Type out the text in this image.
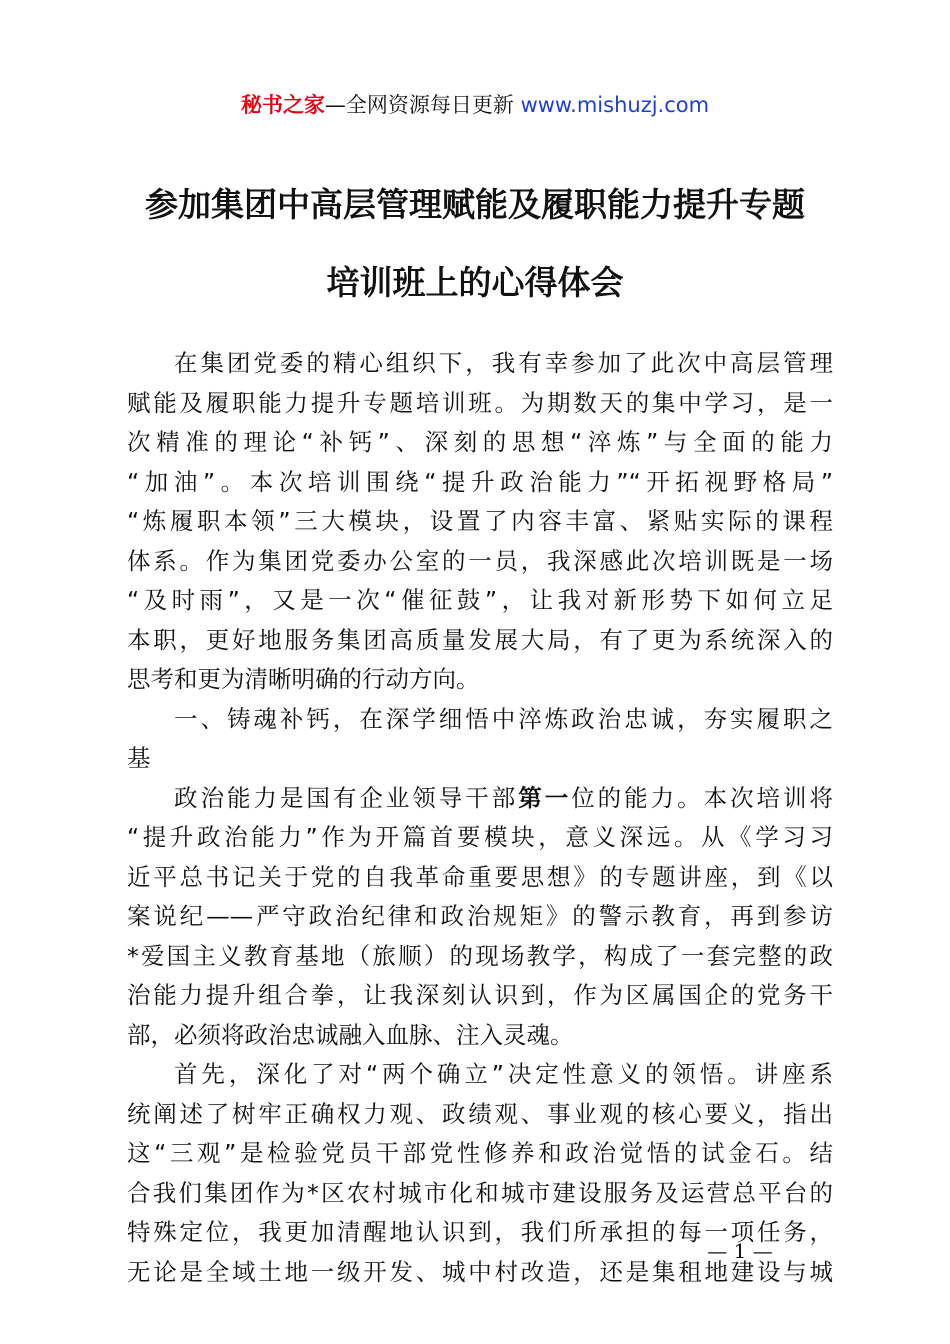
秘书之家—全网资源每日更新 www.mishuzj.com
参加集团中高层管理赋能及履职能力提升专题
培训班上的心得体会
在集团党委的精心组织下，我有幸参加了此次中高层管理
赋能及履职能力提升专题培训班。为期数天的集中学习，是一
次精准的理论“补钙”、深刻的思想“淬炼”与全面的能力
“加油”。本次培训围绕“提升政治能力”“开拓视野格局”
“炼履职本领”三大模块，设置了内容丰富、紧贴实际的课程
体系。作为集团党委办公室的一员，我深感此次培训既是一场
“及时雨”，又是一次“催征鼓”，让我对新形势下如何立足
本职，更好地服务集团高质量发展大局，有了更为系统深入的
思考和更为清晰明确的行动方向。
一、铸魂补钙，在深学细悟中淬炼政治忠诚，夯实履职之
基
政治能力是国有企业领导干部第一位的能力。本次培训将
“提升政治能力”作为开篇首要模块，意义深远。从《学习习
近平总书记关于党的自我革命重要思想》的专题讲座，到《以
案说纪——严守政治纪律和政治规矩》的警示教育，再到参访
*爱国主义教育基地（旅顺）的现场教学，构成了一套完整的政
治能力提升组合拳，让我深刻认识到，作为区属国企的党务干
部，必须将政治忠诚融入血脉、注入灵魂。
首先，深化了对“两个确立”决定性意义的领悟。讲座系
统阐述了树牢正确权力观、政绩观、事业观的核心要义，指出
这“三观”是检验党员干部党性修养和政治觉悟的试金石。结
合我们集团作为*区农村城市化和城市建设服务及运营总平台的
特殊定位，我更加清醒地认识到，我们所承担的每一项任务，
无论是全域土地一级开发、城中村改造，还是集租地建设与城
— 1 —
